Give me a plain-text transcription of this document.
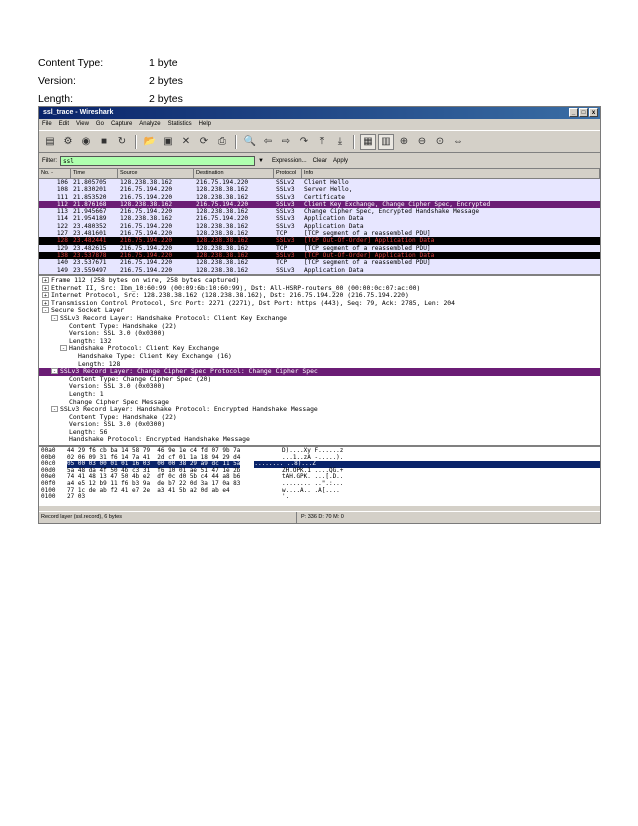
Content Type:	1 byte
Version:	2 bytes
Length:	2 bytes
ssl_trace - Wireshark	_	□	x
File Edit View Go Capture Analyze Statistics Help
▤ ⚙ ◉	■	↻	📂 ▣ ✕ ⟳ ⎙	🔍 ⇦ ⇨ ↷	⤒	⤓	▦ ▥ ⊕ ⊖ ⊙ ⇔
Filter:	ssl	▼ Expression... Clear Apply
No. -	Time	Source	Destination	Protocol	Info
106 21.805705	128.238.38.162	216.75.194.220	SSLv2	Client Hello
108 21.830201	216.75.194.220	128.238.38.162	SSLv3	Server Hello,
111 21.853520	216.75.194.220	128.238.38.162	SSLv3	Certificate
112 21.876168	128.238.38.162	216.75.194.220	SSLv3	Client Key Exchange, Change Cipher Spec, Encrypted
113 21.945667	216.75.194.220	128.238.38.162	SSLv3	Change Cipher Spec, Encrypted Handshake Message
114 21.954189	128.238.38.162	216.75.194.220	SSLv3	Application Data
122 23.480352	216.75.194.220	128.238.38.162	SSLv3	Application Data
127 23.481601	216.75.194.220	128.238.38.162	TCP	[TCP segment of a reassembled PDU]
128 23.482441	216.75.194.220	128.238.38.162	SSLv3	[TCP Out-Of-Order] Application Data
129 23.482615	216.75.194.220	128.238.38.162	TCP	[TCP segment of a reassembled PDU]
138 23.537878	216.75.194.220	128.238.38.162	SSLv3	[TCP Out-Of-Order] Application Data
140 23.537671	216.75.194.220	128.238.38.162	TCP	[TCP segment of a reassembled PDU]
149 23.559497	216.75.194.220	128.238.38.162	SSLv3	Application Data
+ Frame 112 (258 bytes on wire, 258 bytes captured)
+ Ethernet II, Src: Ibm_10:60:99 (00:09:6b:10:60:99), Dst: All-HSRP-routers_00 (00:00:0c:07:ac:00)
+ Internet Protocol, Src: 128.238.38.162 (128.238.38.162), Dst: 216.75.194.220 (216.75.194.220)
+ Transmission Control Protocol, Src Port: 2271 (2271), Dst Port: https (443), Seq: 79, Ack: 2785, Len: 204
- Secure Socket Layer
- SSLv3 Record Layer: Handshake Protocol: Client Key Exchange
Content Type: Handshake (22)
Version: SSL 3.0 (0x0300)
Length: 132
- Handshake Protocol: Client Key Exchange
Handshake Type: Client Key Exchange (16)
Length: 128
- SSLv3 Record Layer: Change Cipher Spec Protocol: Change Cipher Spec
Content Type: Change Cipher Spec (20)
Version: SSL 3.0 (0x0300)
Length: 1
Change Cipher Spec Message
- SSLv3 Record Layer: Handshake Protocol: Encrypted Handshake Message
Content Type: Handshake (22)
Version: SSL 3.0 (0x0300)
Length: 56
Handshake Protocol: Encrypted Handshake Message
00a0	44 29 f6 cb ba 14 58 79  46 9e 1e c4 fd 07 9b 7a	D)....Xy F......z
00b0	02 06 09 31 f6 14 7a 41  2d cf 01 1a 18 94 29 d4	...1..zA -.....).
00c0	05 00 03 00 01 01 16 03  00 00 38 29 a9 dc 11 5a ........ ..8)...Z
00d0	5a 48 da 4f 50 4b c3 31  f6 10 01 ae 51 47 1e 2b	ZH.OPK.1 ....QG.+
00e0	74 41 48 13 47 50 4b e2  df 0c d0 5b c4 44 a8 b6	tAH.GPK. ...[.D..
00f0	a4 e5 12 b9 11 f6 b3 9a  de b7 22 0d 3a 17 0a 83	........ ..".:...
0100	77 1c de ab f2 41 e7 2e  a3 41 5b a2 0d ab e4	w....A.. .A[....
0100	27 03	'.
Record layer (ssl.record), 6 bytes	P: 336 D: 70 M: 0
